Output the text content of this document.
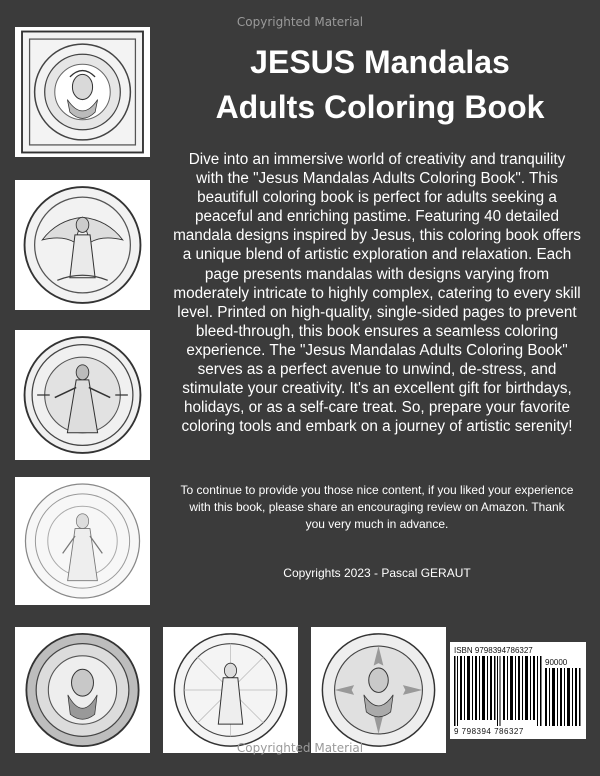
Copyrighted Material
JESUS Mandalas
Adults Coloring Book
Dive into an immersive world of creativity and tranquility with the "Jesus Mandalas Adults Coloring Book". This beautifull coloring book is perfect for adults seeking a peaceful and enriching pastime. Featuring 40 detailed mandala designs inspired by Jesus, this coloring book offers a unique blend of artistic exploration and relaxation. Each page presents mandalas with designs varying from moderately intricate to highly complex, catering to every skill level. Printed on high-quality, single-sided pages to prevent bleed-through, this book ensures a seamless coloring experience. The "Jesus Mandalas Adults Coloring Book" serves as a perfect avenue to unwind, de-stress, and stimulate your creativity. It's an excellent gift for birthdays, holidays, or as a self-care treat. So, prepare your favorite coloring tools and embark on a journey of artistic serenity!
To continue to provide you those nice content, if you liked your experience with this book, please share an encouraging review on Amazon. Thank you very much in advance.
Copyrights 2023 - Pascal GERAUT
ISBN 9798394786327
90000
9 798394 786327
Copyrighted Material
